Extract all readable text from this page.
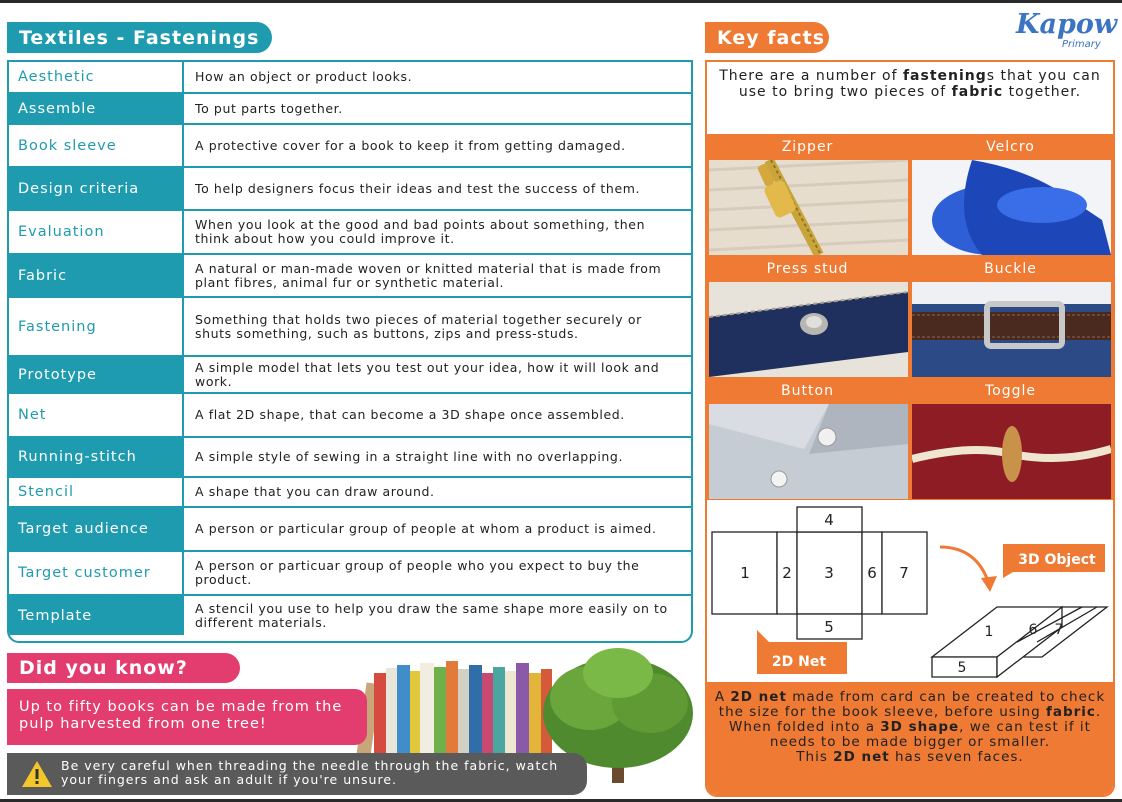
Textiles - Fastenings	Key facts	Kapow
Primary
Aesthetic	How an object or product looks.
Assemble	To put parts together.
Book sleeve	A protective cover for a book to keep it from getting damaged.
Design criteria	To help designers focus their ideas and test the success of them.
Evaluation	When you look at the good and bad points about something, then think about how you could improve it.
Fabric	A natural or man-made woven or knitted material that is made from plant fibres, animal fur or synthetic material.
Fastening	Something that holds two pieces of material together securely or shuts something, such as buttons, zips and press-studs.
Prototype	A simple model that lets you test out your idea, how it will look and work.
Net	A flat 2D shape, that can become a 3D shape once assembled.
Running-stitch	A simple style of sewing in a straight line with no overlapping.
Stencil	A shape that you can draw around.
Target audience	A person or particular group of people at whom a product is aimed.
Target customer	A person or particuar group of people who you expect to buy the product.
Template	A stencil you use to help you draw the same shape more easily on to different materials.
There are a number of fastenings that you can use to bring two pieces of fabric together.
Zipper	Velcro
Press stud	Buckle
Button	Toggle
1 2 3
4
5
6 7
3D Object
2D Net	5
1	6 7
A 2D net made from card can be created to check the size for the book sleeve, before using fabric.
When folded into a 3D shape, we can test if it needs to be made bigger or smaller.
This 2D net has seven faces.
Did you know?
Up to fifty books can be made from the pulp harvested from one tree!
Be very careful when threading the needle through the fabric, watch your fingers and ask an adult if you're unsure.
